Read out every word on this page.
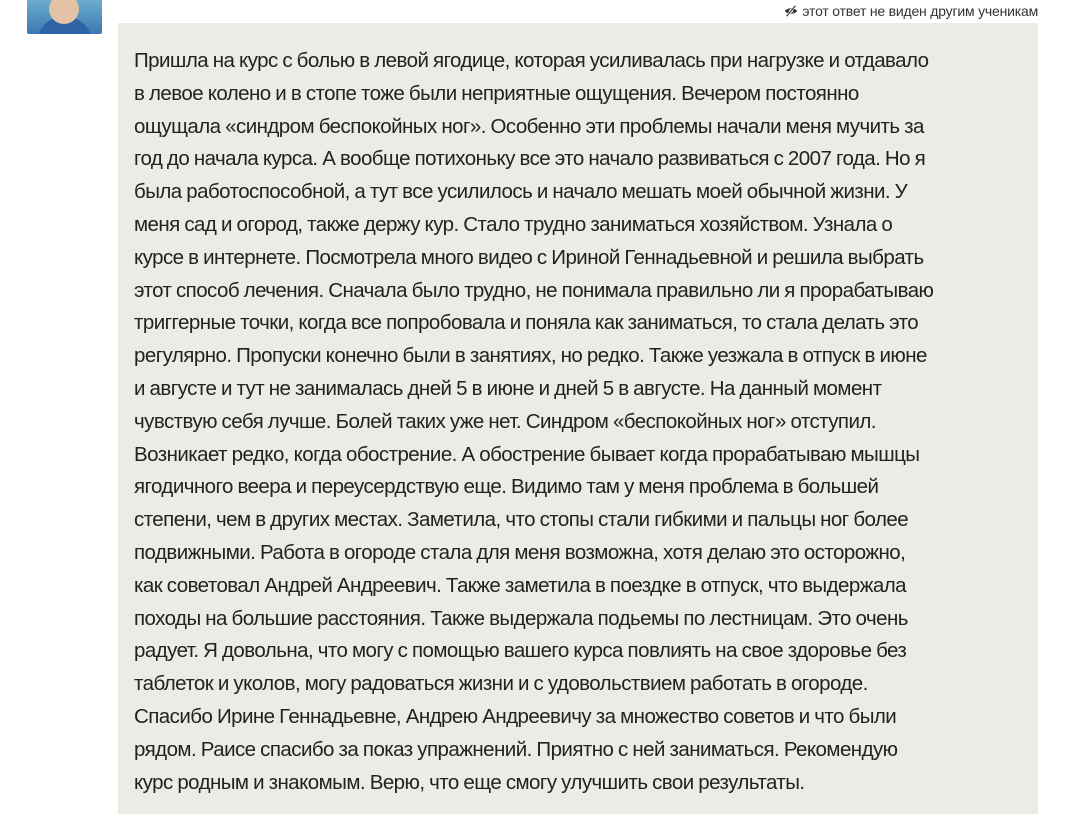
этот ответ не виден другим ученикам

Пришла на курс с болью в левой ягодице, которая усиливалась при нагрузке и отдавало
в левое колено и в стопе тоже были неприятные ощущения. Вечером постоянно
ощущала «синдром беспокойных ног». Особенно эти проблемы начали меня мучить за
год до начала курса. А вообще потихоньку все это начало развиваться с 2007 года. Но я
была работоспособной, а тут все усилилось и начало мешать моей обычной жизни. У
меня сад и огород, также держу кур. Стало трудно заниматься хозяйством. Узнала о
курсе в интернете. Посмотрела много видео с Ириной Геннадьевной и решила выбрать
этот способ лечения. Сначала было трудно, не понимала правильно ли я прорабатываю
триггерные точки, когда все попробовала и поняла как заниматься, то стала делать это
регулярно. Пропуски конечно были в занятиях, но редко. Также уезжала в отпуск в июне
и августе и тут не занималась дней 5 в июне и дней 5 в августе. На данный момент
чувствую себя лучше. Болей таких уже нет. Синдром «беспокойных ног» отступил.
Возникает редко, когда обострение. А обострение бывает когда прорабатываю мышцы
ягодичного веера и переусердствую еще. Видимо там у меня проблема в большей
степени, чем в других местах. Заметила, что стопы стали гибкими и пальцы ног более
подвижными. Работа в огороде стала для меня возможна, хотя делаю это осторожно,
как советовал Андрей Андреевич. Также заметила в поездке в отпуск, что выдержала
походы на большие расстояния. Также выдержала подьемы по лестницам. Это очень
радует. Я довольна, что могу с помощью вашего курса повлиять на свое здоровье без
таблеток и уколов, могу радоваться жизни и с удовольствием работать в огороде.
Спасибо Ирине Геннадьевне, Андрею Андреевичу за множество советов и что были
рядом. Раисе спасибо за показ упражнений. Приятно с ней заниматься. Рекомендую
курс родным и знакомым. Верю, что еще смогу улучшить свои результаты.
